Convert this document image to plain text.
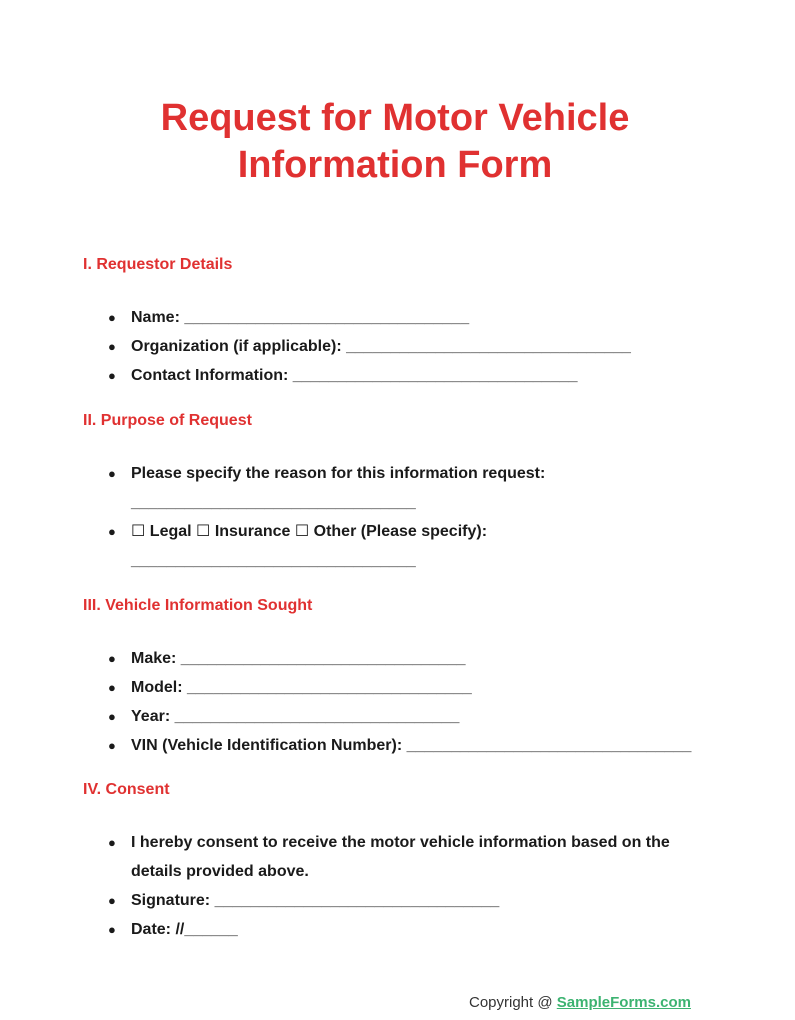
Request for Motor Vehicle Information Form
I. Requestor Details
● Name: ________________________________
● Organization (if applicable): ________________________________
● Contact Information: ________________________________
II. Purpose of Request
● Please specify the reason for this information request: ________________________________
● ☐ Legal ☐ Insurance ☐ Other (Please specify): ________________________________
III. Vehicle Information Sought
● Make: ________________________________
● Model: ________________________________
● Year: ________________________________
● VIN (Vehicle Identification Number): ________________________________
IV. Consent
● I hereby consent to receive the motor vehicle information based on the details provided above.
● Signature: ________________________________
● Date: //______
Copyright @ SampleForms.com
